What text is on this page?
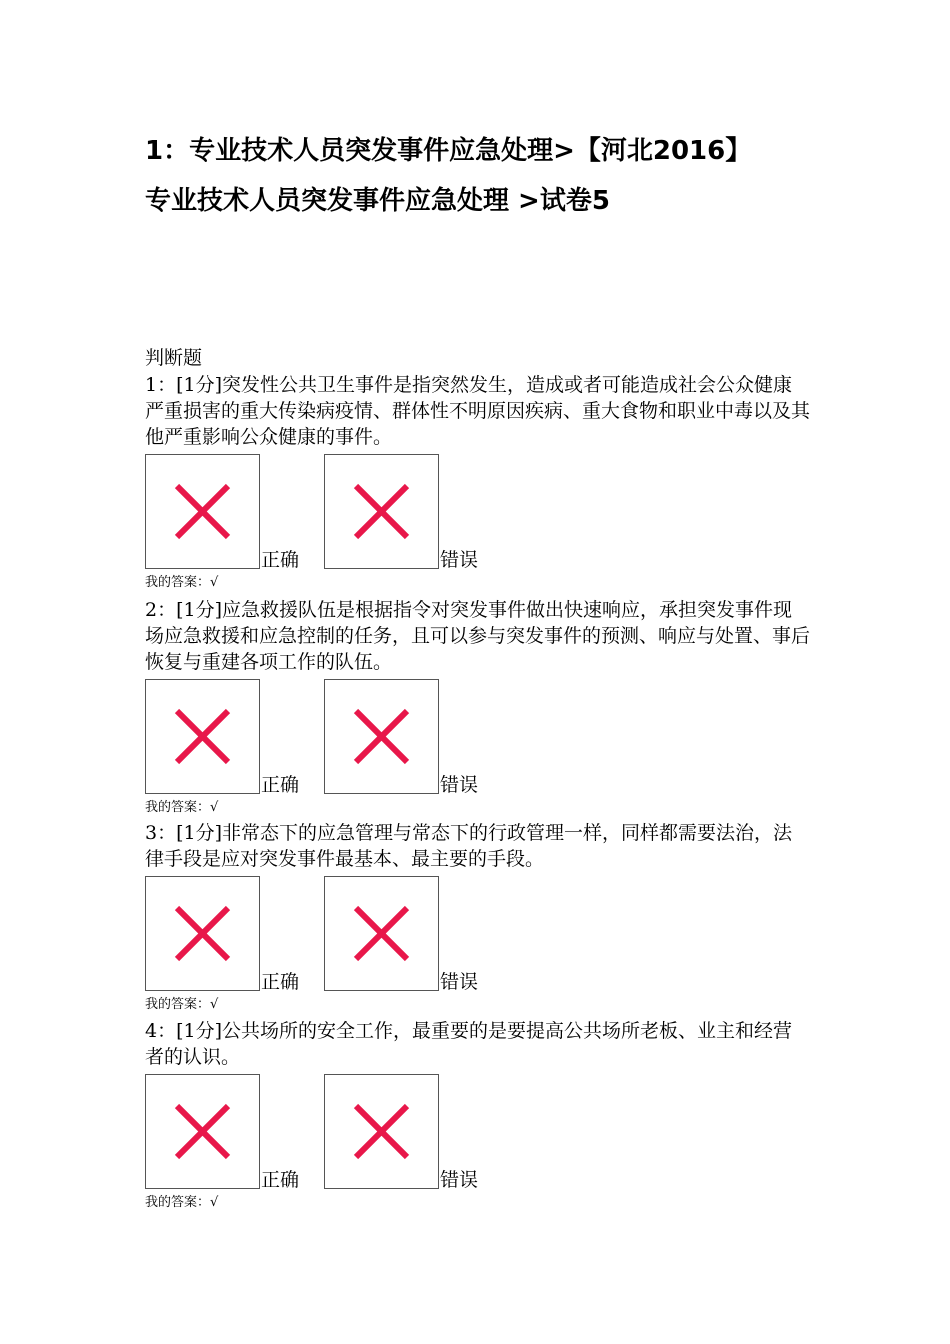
1：专业技术人员突发事件应急处理>【河北2016】
专业技术人员突发事件应急处理 >试卷5
判断题

1：[1分]突发性公共卫生事件是指突然发生，造成或者可能造成社会公众健康严重损害的重大传染病疫情、群体性不明原因疾病、重大食物和职业中毒以及其他严重影响公众健康的事件。

正确	错误
我的答案：√

2：[1分]应急救援队伍是根据指令对突发事件做出快速响应，承担突发事件现场应急救援和应急控制的任务，且可以参与突发事件的预测、响应与处置、事后恢复与重建各项工作的队伍。

正确	错误
我的答案：√

3：[1分]非常态下的应急管理与常态下的行政管理一样，同样都需要法治，法律手段是应对突发事件最基本、最主要的手段。

正确	错误
我的答案：√

4：[1分]公共场所的安全工作，最重要的是要提高公共场所老板、业主和经营者的认识。

正确	错误
我的答案：√
